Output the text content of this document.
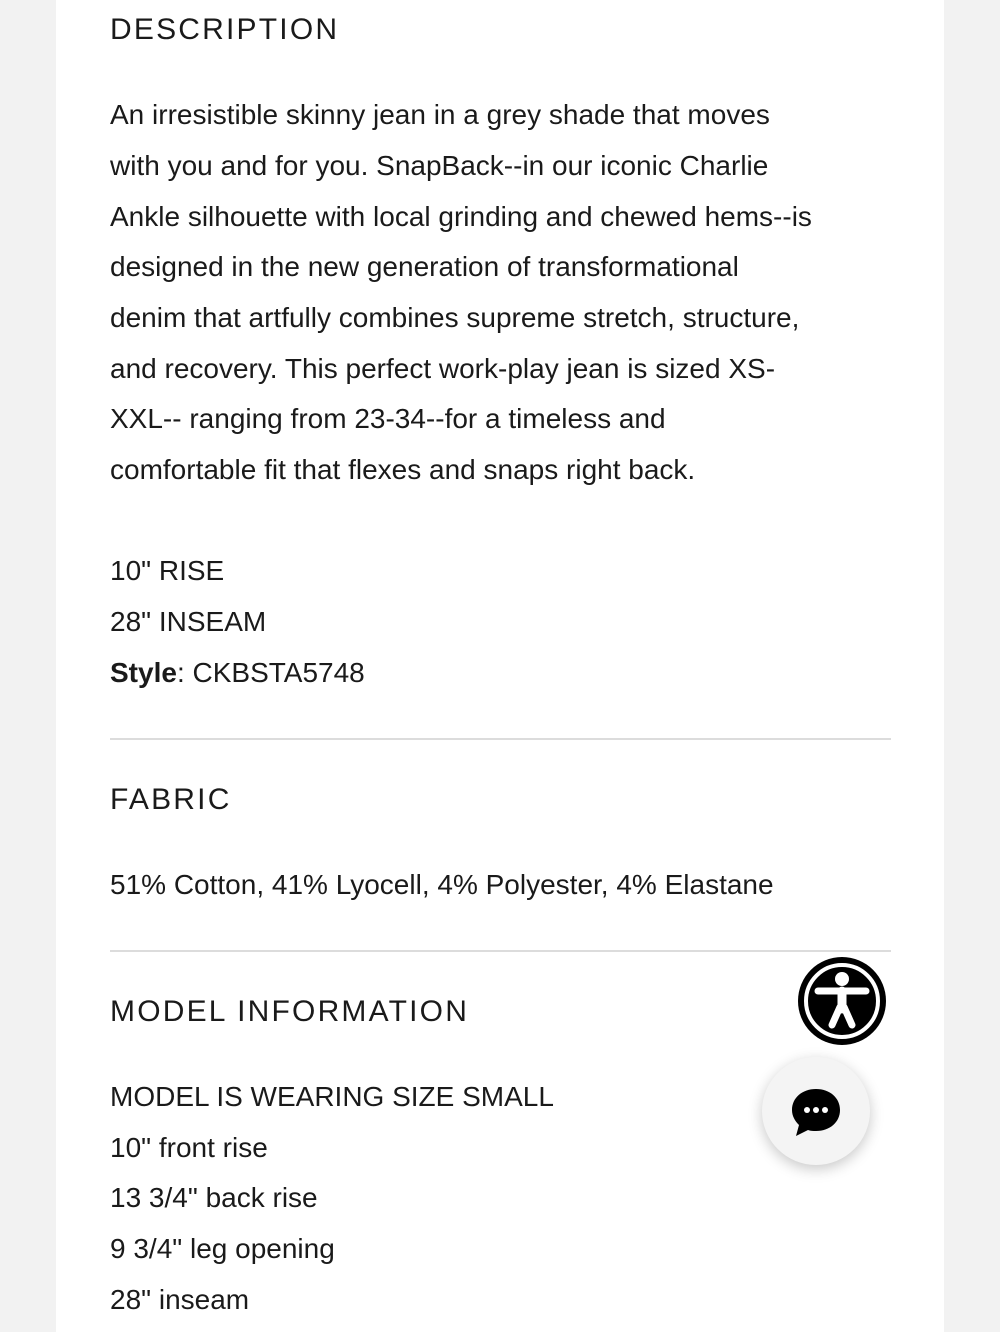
DESCRIPTION
An irresistible skinny jean in a grey shade that moves
with you and for you. SnapBack--in our iconic Charlie
Ankle silhouette with local grinding and chewed hems--is
designed in the new generation of transformational
denim that artfully combines supreme stretch, structure,
and recovery. This perfect work-play jean is sized XS-
XXL-- ranging from 23-34--for a timeless and
comfortable fit that flexes and snaps right back.
10" RISE
28" INSEAM
Style: CKBSTA5748
FABRIC
51% Cotton, 41% Lyocell, 4% Polyester, 4% Elastane
MODEL INFORMATION
MODEL IS WEARING SIZE SMALL
10" front rise
13 3/4" back rise
9 3/4" leg opening
28" inseam
